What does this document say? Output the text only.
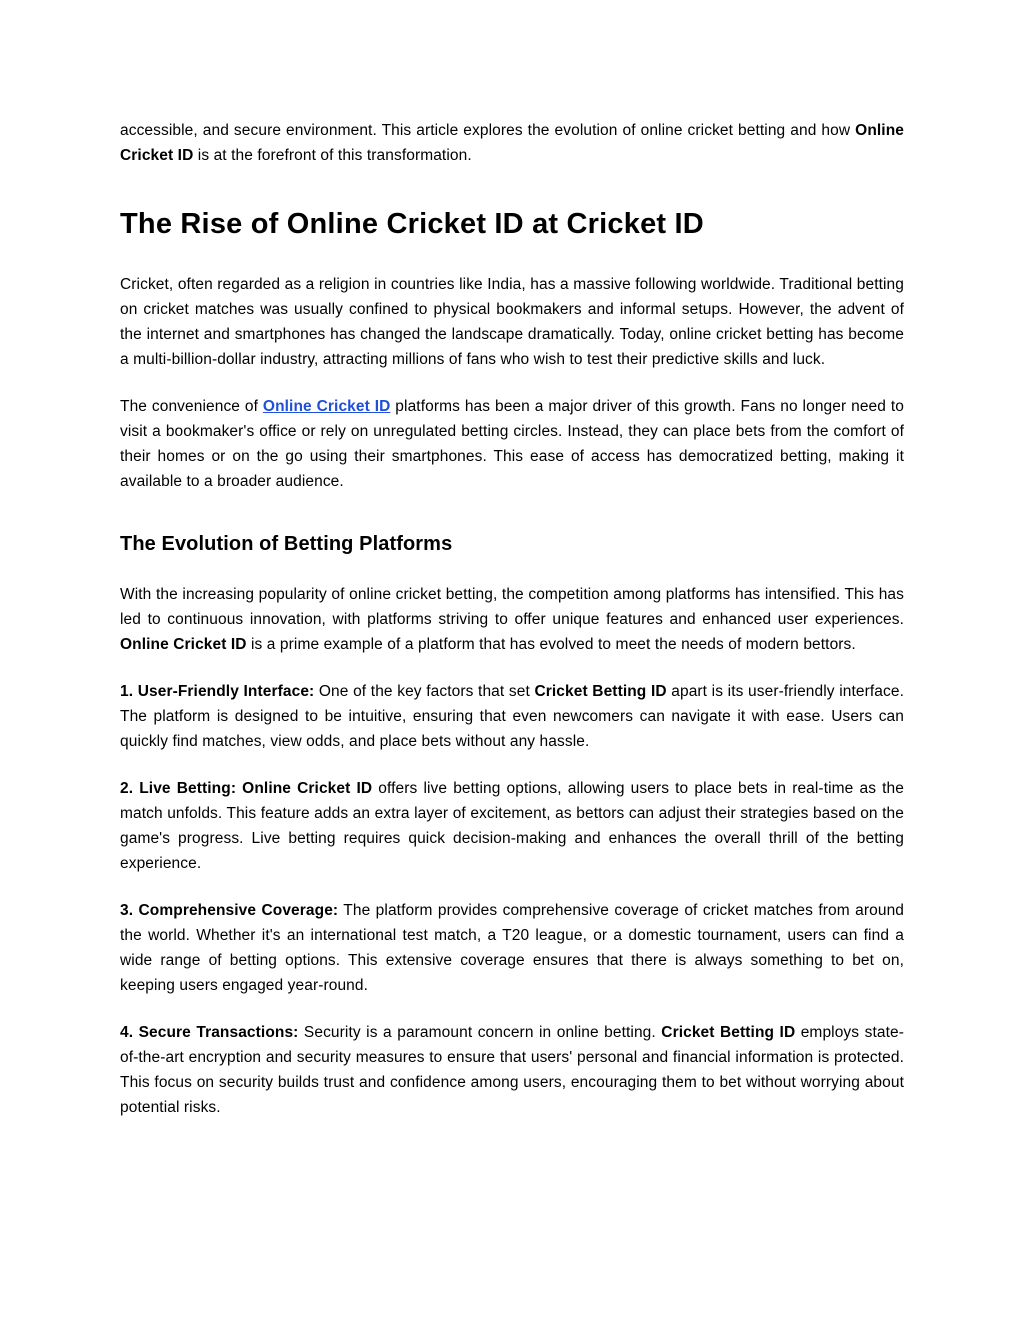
accessible, and secure environment. This article explores the evolution of online cricket betting and how Online Cricket ID is at the forefront of this transformation.

The Rise of Online Cricket ID at Cricket ID

Cricket, often regarded as a religion in countries like India, has a massive following worldwide. Traditional betting on cricket matches was usually confined to physical bookmakers and informal setups. However, the advent of the internet and smartphones has changed the landscape dramatically. Today, online cricket betting has become a multi-billion-dollar industry, attracting millions of fans who wish to test their predictive skills and luck.

The convenience of Online Cricket ID platforms has been a major driver of this growth. Fans no longer need to visit a bookmaker's office or rely on unregulated betting circles. Instead, they can place bets from the comfort of their homes or on the go using their smartphones. This ease of access has democratized betting, making it available to a broader audience.

The Evolution of Betting Platforms

With the increasing popularity of online cricket betting, the competition among platforms has intensified. This has led to continuous innovation, with platforms striving to offer unique features and enhanced user experiences. Online Cricket ID is a prime example of a platform that has evolved to meet the needs of modern bettors.

1. User-Friendly Interface: One of the key factors that set Cricket Betting ID apart is its user-friendly interface. The platform is designed to be intuitive, ensuring that even newcomers can navigate it with ease. Users can quickly find matches, view odds, and place bets without any hassle.

2. Live Betting: Online Cricket ID offers live betting options, allowing users to place bets in real-time as the match unfolds. This feature adds an extra layer of excitement, as bettors can adjust their strategies based on the game's progress. Live betting requires quick decision-making and enhances the overall thrill of the betting experience.

3. Comprehensive Coverage: The platform provides comprehensive coverage of cricket matches from around the world. Whether it's an international test match, a T20 league, or a domestic tournament, users can find a wide range of betting options. This extensive coverage ensures that there is always something to bet on, keeping users engaged year-round.

4. Secure Transactions: Security is a paramount concern in online betting. Cricket Betting ID employs state-of-the-art encryption and security measures to ensure that users' personal and financial information is protected. This focus on security builds trust and confidence among users, encouraging them to bet without worrying about potential risks.
